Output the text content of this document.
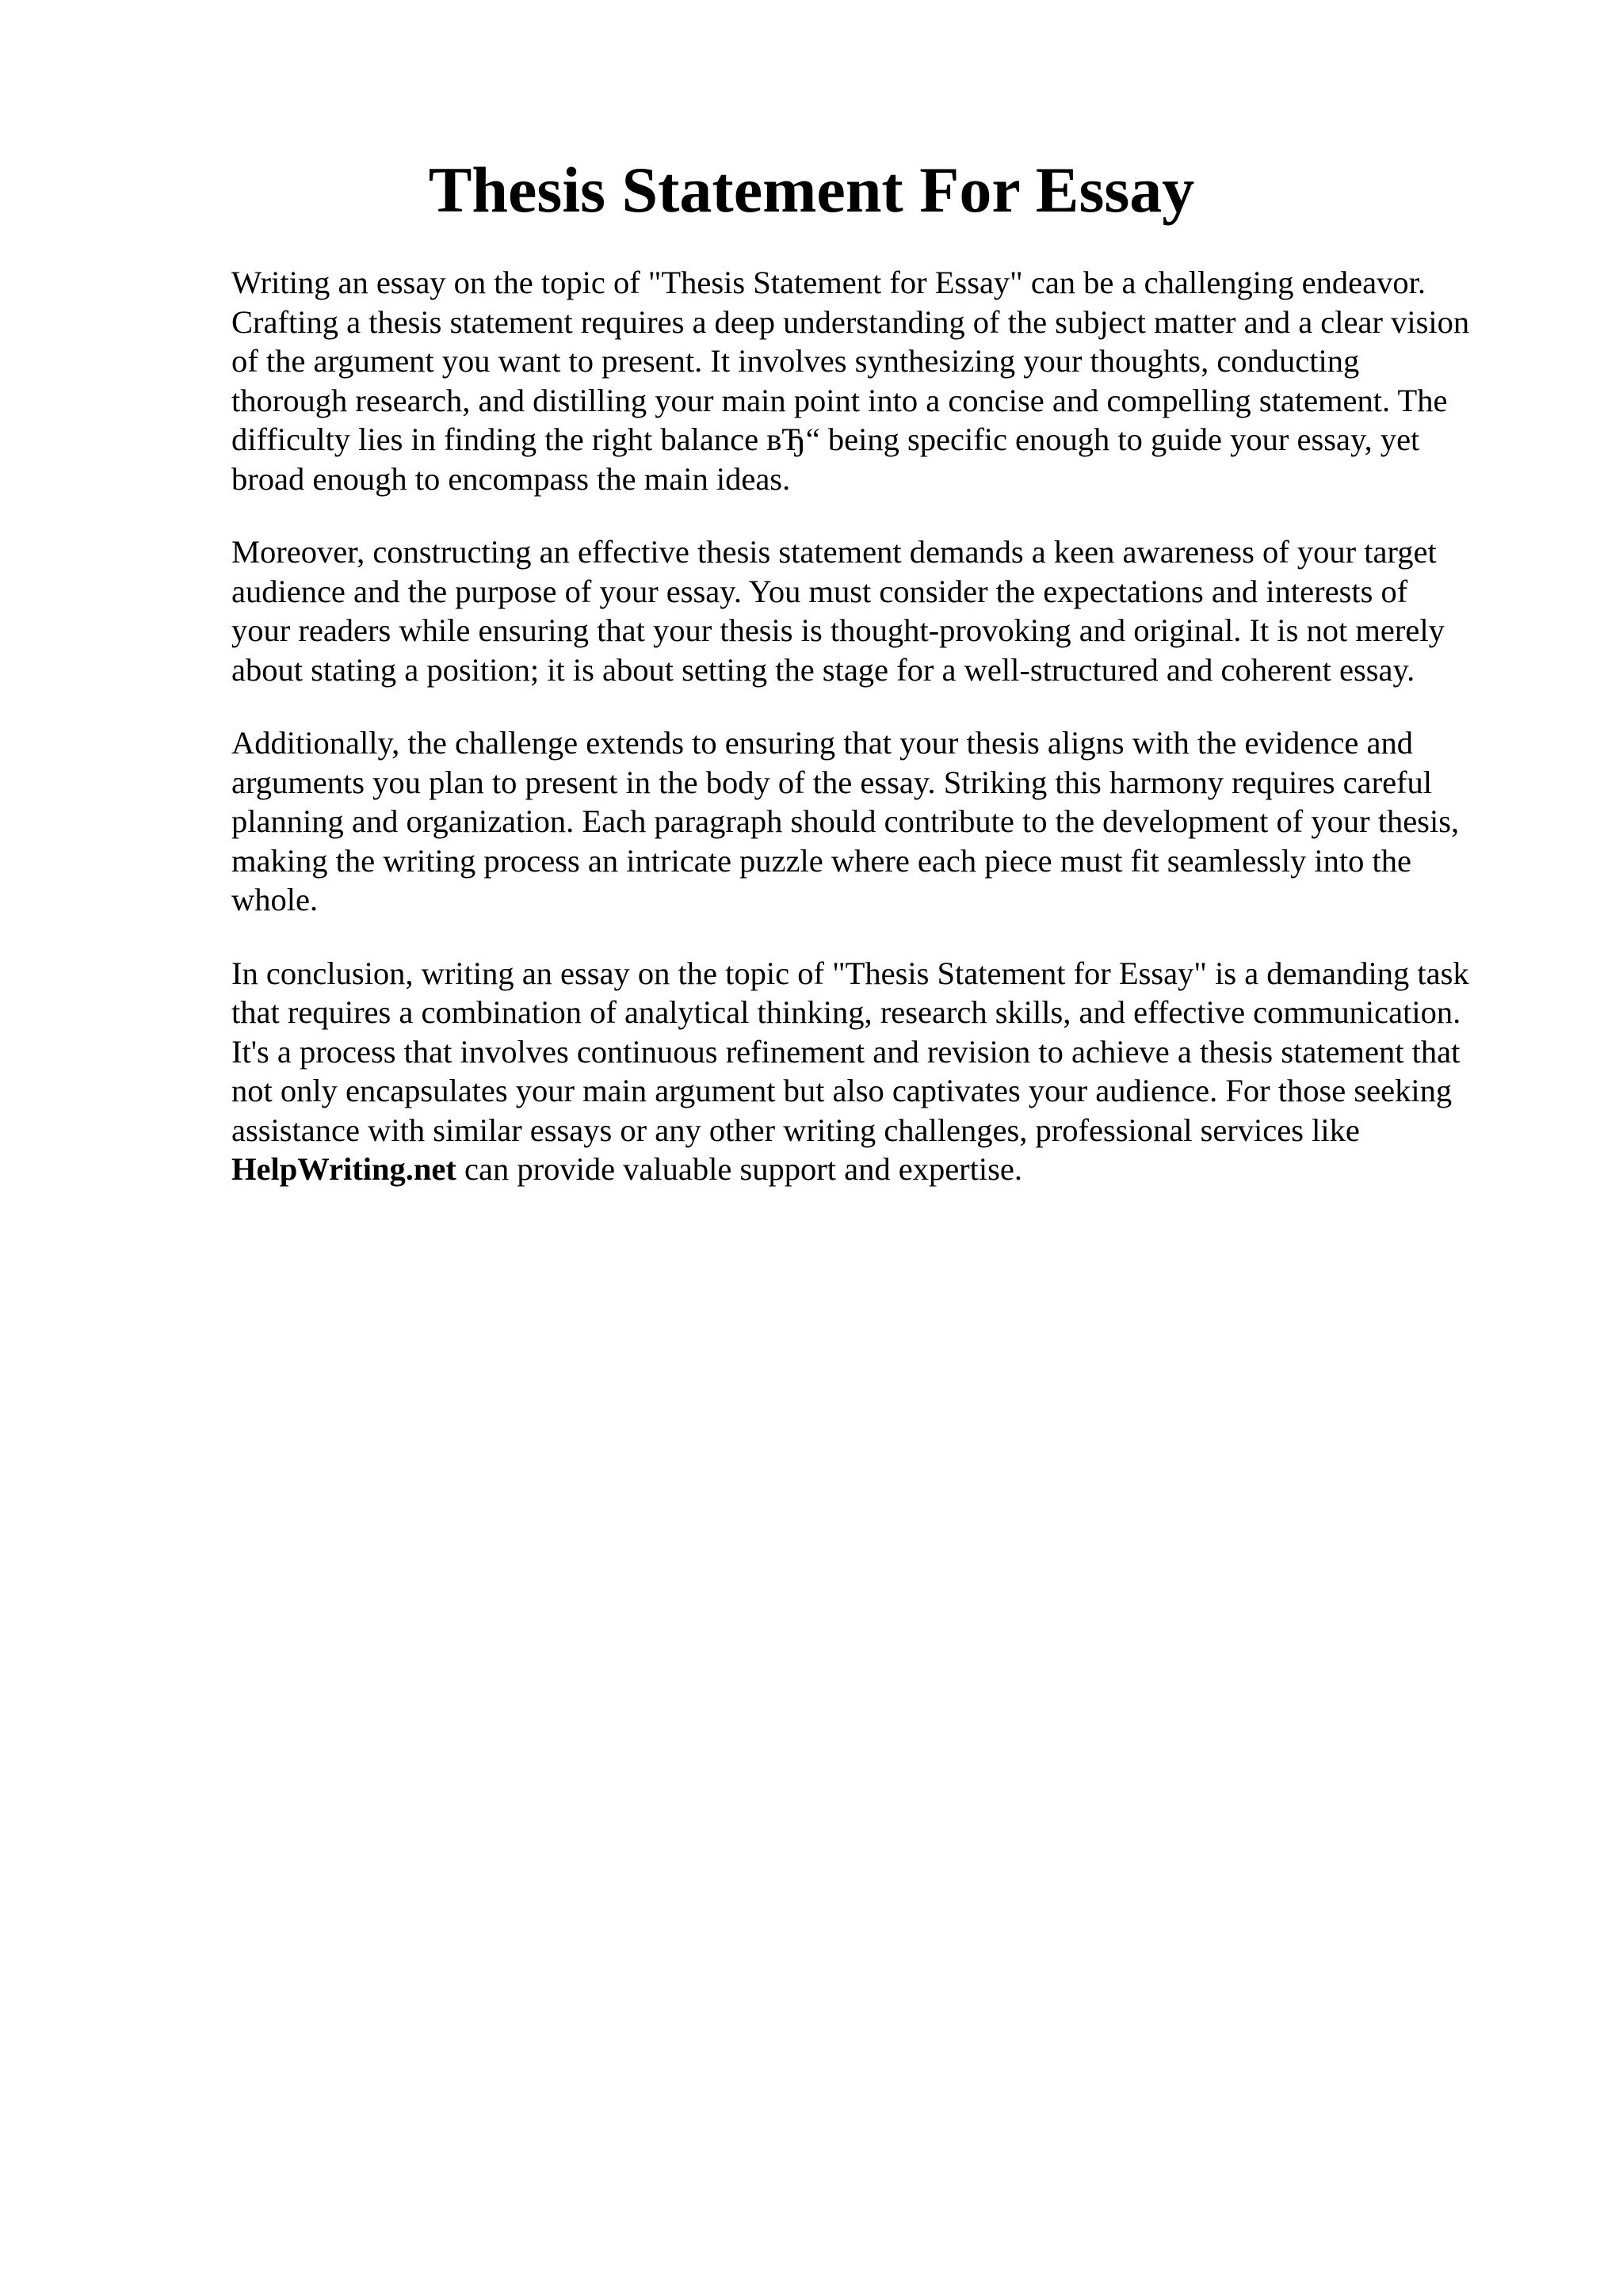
Thesis Statement For Essay

Writing an essay on the topic of "Thesis Statement for Essay" can be a challenging endeavor.
Crafting a thesis statement requires a deep understanding of the subject matter and a clear vision
of the argument you want to present. It involves synthesizing your thoughts, conducting
thorough research, and distilling your main point into a concise and compelling statement. The
difficulty lies in finding the right balance вЂ“ being specific enough to guide your essay, yet
broad enough to encompass the main ideas.

Moreover, constructing an effective thesis statement demands a keen awareness of your target
audience and the purpose of your essay. You must consider the expectations and interests of
your readers while ensuring that your thesis is thought-provoking and original. It is not merely
about stating a position; it is about setting the stage for a well-structured and coherent essay.

Additionally, the challenge extends to ensuring that your thesis aligns with the evidence and
arguments you plan to present in the body of the essay. Striking this harmony requires careful
planning and organization. Each paragraph should contribute to the development of your thesis,
making the writing process an intricate puzzle where each piece must fit seamlessly into the
whole.

In conclusion, writing an essay on the topic of "Thesis Statement for Essay" is a demanding task
that requires a combination of analytical thinking, research skills, and effective communication.
It's a process that involves continuous refinement and revision to achieve a thesis statement that
not only encapsulates your main argument but also captivates your audience. For those seeking
assistance with similar essays or any other writing challenges, professional services like
HelpWriting.net can provide valuable support and expertise.
